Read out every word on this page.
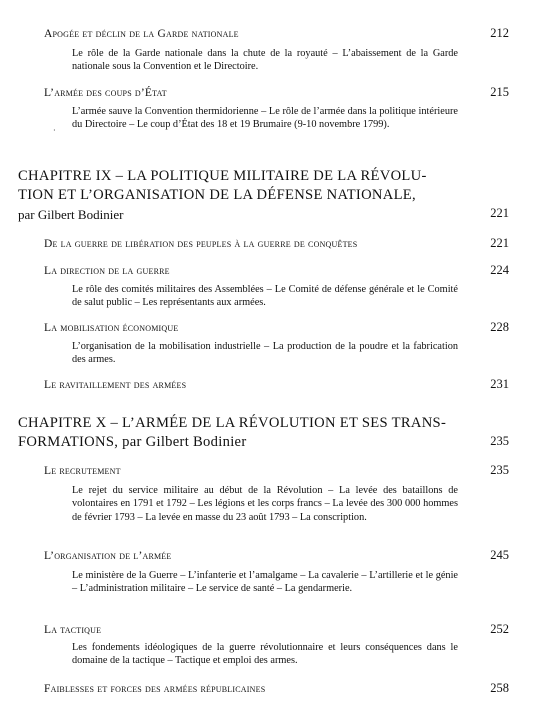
Apogée et déclin de la Garde nationale	212
Le rôle de la Garde nationale dans la chute de la royauté – L’abaissement de la Garde nationale sous la Convention et le Directoire.
L’armée des coups d’État	215
L’armée sauve la Convention thermidorienne – Le rôle de l’armée dans la politique intérieure du Directoire – Le coup d’État des 18 et 19 Brumaire (9-10 novembre 1799).
·
CHAPITRE IX – LA POLITIQUE MILITAIRE DE LA RÉVOLU-
TION ET L’ORGANISATION DE LA DÉFENSE NATIONALE,
par Gilbert Bodinier	221
De la guerre de libération des peuples à la guerre de conquêtes	221
La direction de la guerre	224
Le rôle des comités militaires des Assemblées – Le Comité de défense générale et le Comité de salut public – Les représentants aux armées.
La mobilisation économique	228
L’organisation de la mobilisation industrielle – La production de la poudre et la fabrication des armes.
Le ravitaillement des armées	231
CHAPITRE X – L’ARMÉE DE LA RÉVOLUTION ET SES TRANS-
FORMATIONS, par Gilbert Bodinier	235
Le recrutement	235
Le rejet du service militaire au début de la Révolution – La levée des bataillons de volontaires en 1791 et 1792 – Les légions et les corps francs – La levée des 300 000 hommes de février 1793 – La levée en masse du 23 août 1793 – La conscription.
L’organisation de l’armée	245
Le ministère de la Guerre – L’infanterie et l’amalgame – La cavalerie – L’artillerie et le génie – L’administration militaire – Le service de santé – La gendarmerie.
La tactique	252
Les fondements idéologiques de la guerre révolutionnaire et leurs conséquences dans le domaine de la tactique – Tactique et emploi des armes.
Faiblesses et forces des armées républicaines	258
